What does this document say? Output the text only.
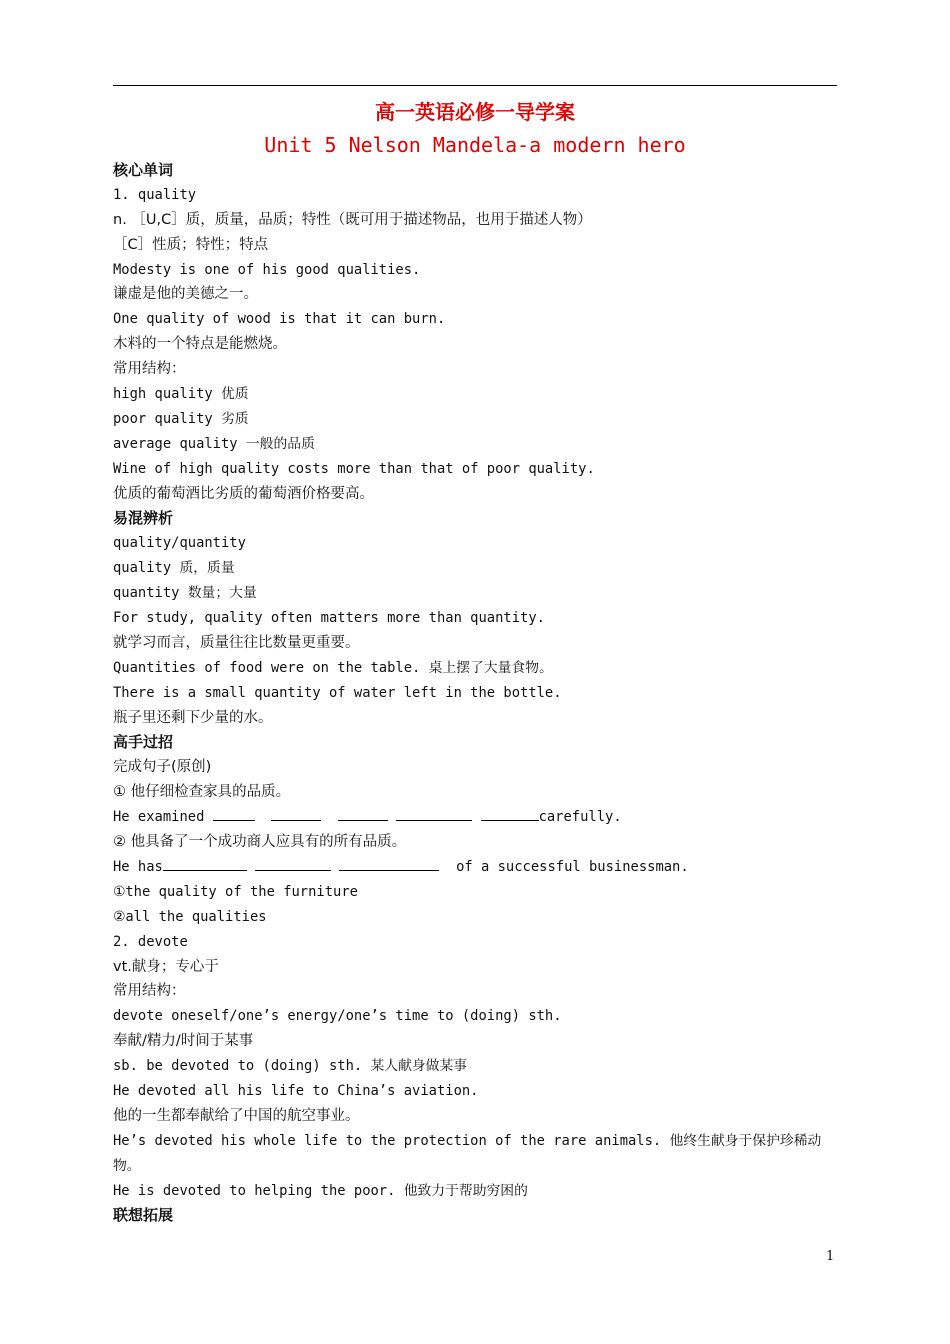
高一英语必修一导学案
Unit 5 Nelson Mandela-a modern hero
核心单词
1. quality
n. ［U,C］质，质量，品质；特性（既可用于描述物品，也用于描述人物）
［C］性质；特性；特点
Modesty is one of his good qualities.
谦虚是他的美德之一。
One quality of wood is that it can burn.
木料的一个特点是能燃烧。
常用结构：
high quality 优质
poor quality 劣质
average quality 一般的品质
Wine of high quality costs more than that of poor quality.
优质的葡萄酒比劣质的葡萄酒价格要高。
易混辨析
quality/quantity
quality 质，质量
quantity 数量；大量
For study, quality often matters more than quantity.
就学习而言，质量往往比数量更重要。
Quantities of food were on the table. 桌上摆了大量食物。
There is a small quantity of water left in the bottle.
瓶子里还剩下少量的水。
高手过招
完成句子(原创)
① 他仔细检查家具的品质。
He examined	carefully.
② 他具备了一个成功商人应具有的所有品质。
He has	of a successful businessman.
①the quality of the furniture
②all the qualities
2. devote
vt.献身；专心于
常用结构：
devote oneself/one’s energy/one’s time to (doing) sth.
奉献/精力/时间于某事
sb. be devoted to (doing) sth. 某人献身做某事
He devoted all his life to China’s aviation.
他的一生都奉献给了中国的航空事业。
He’s devoted his whole life to the protection of the rare animals. 他终生献身于保护珍稀动物。
He is devoted to helping the poor. 他致力于帮助穷困的
联想拓展
1
